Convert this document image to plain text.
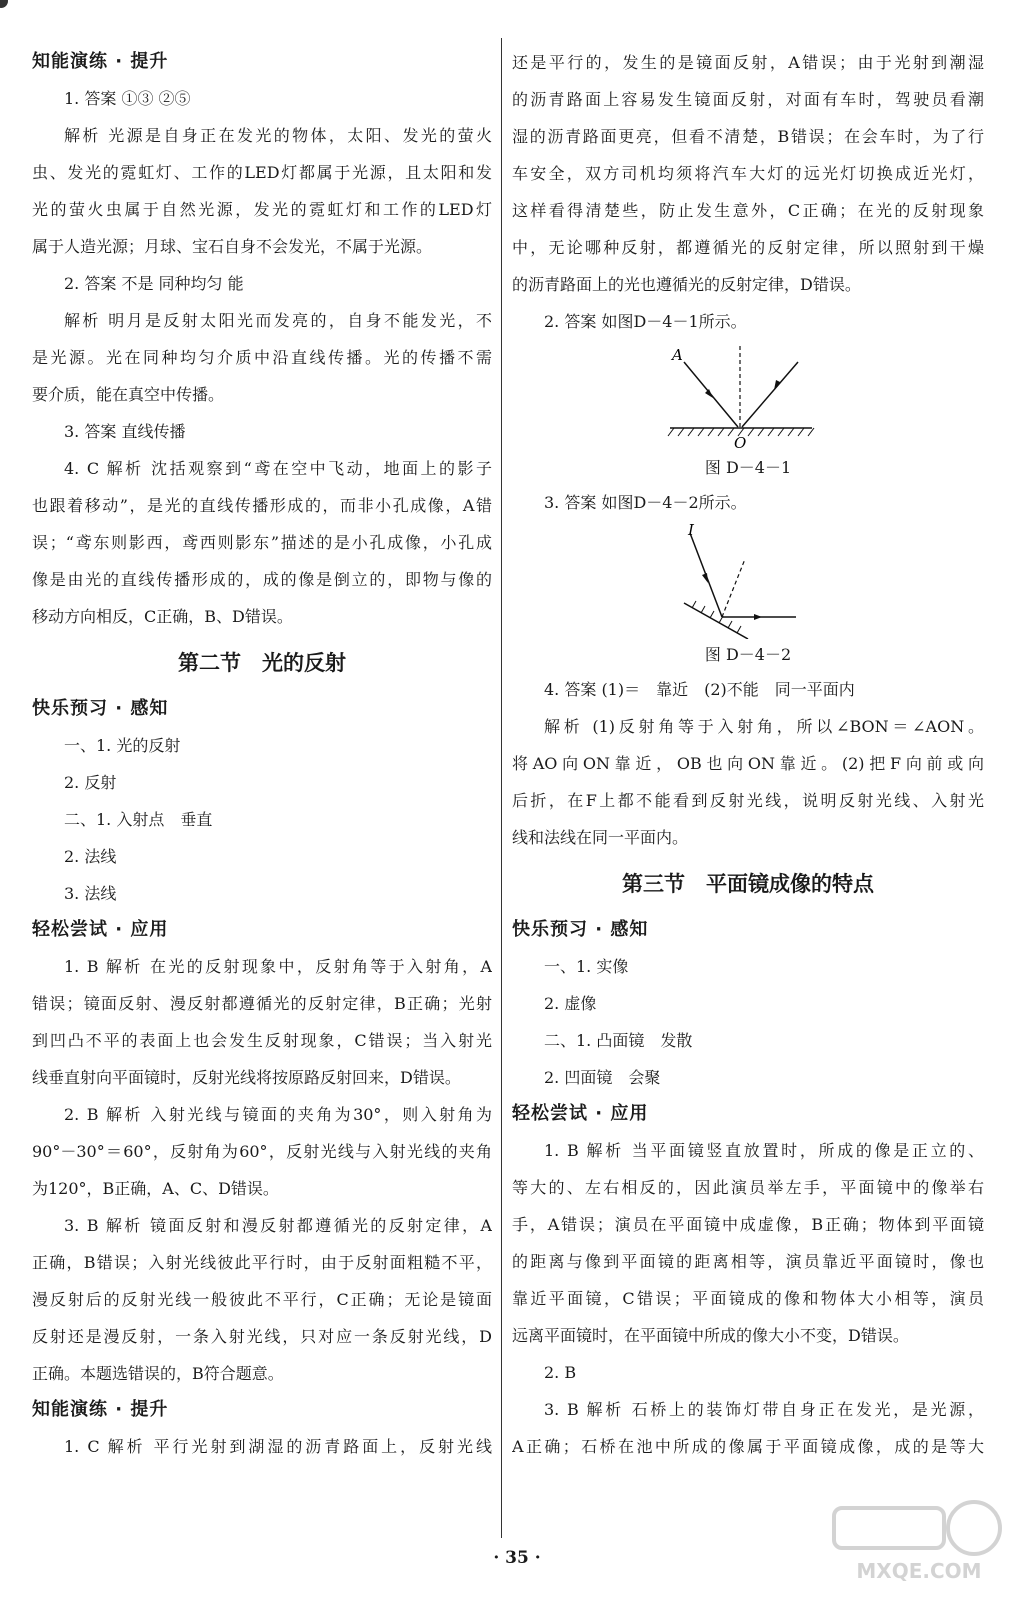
知能演练 · 提升
1. 答案 ①③ ②⑤
解析 光源是自身正在发光的物体，太阳、发光的萤火
虫、发光的霓虹灯、工作的LED灯都属于光源，且太阳和发
光的萤火虫属于自然光源，发光的霓虹灯和工作的LED灯
属于人造光源；月球、宝石自身不会发光，不属于光源。
2. 答案 不是 同种均匀 能
解析 明月是反射太阳光而发亮的，自身不能发光，不
是光源。光在同种均匀介质中沿直线传播。光的传播不需
要介质，能在真空中传播。
3. 答案 直线传播
4. C 解析 沈括观察到“鸢在空中飞动，地面上的影子
也跟着移动”，是光的直线传播形成的，而非小孔成像，A错
误；“鸢东则影西，鸢西则影东”描述的是小孔成像，小孔成
像是由光的直线传播形成的，成的像是倒立的，即物与像的
移动方向相反，C正确，B、D错误。
第二节　光的反射
快乐预习 · 感知
一、1. 光的反射
2. 反射
二、1. 入射点　垂直
2. 法线
3. 法线
轻松尝试 · 应用
1. B 解析 在光的反射现象中，反射角等于入射角，A
错误；镜面反射、漫反射都遵循光的反射定律，B正确；光射
到凹凸不平的表面上也会发生反射现象，C错误；当入射光
线垂直射向平面镜时，反射光线将按原路反射回来，D错误。
2. B 解析 入射光线与镜面的夹角为30°，则入射角为
90°－30°＝60°，反射角为60°，反射光线与入射光线的夹角
为120°，B正确，A、C、D错误。
3. B 解析 镜面反射和漫反射都遵循光的反射定律，A
正确，B错误；入射光线彼此平行时，由于反射面粗糙不平，
漫反射后的反射光线一般彼此不平行，C正确；无论是镜面
反射还是漫反射，一条入射光线，只对应一条反射光线，D
正确。本题选错误的，B符合题意。
知能演练 · 提升
1. C 解析 平行光射到湖湿的沥青路面上，反射光线
还是平行的，发生的是镜面反射，A错误；由于光射到潮湿
的沥青路面上容易发生镜面反射，对面有车时，驾驶员看潮
湿的沥青路面更亮，但看不清楚，B错误；在会车时，为了行
车安全，双方司机均须将汽车大灯的远光灯切换成近光灯，
这样看得清楚些，防止发生意外，C正确；在光的反射现象
中，无论哪种反射，都遵循光的反射定律，所以照射到干燥
的沥青路面上的光也遵循光的反射定律，D错误。
2. 答案 如图D－4－1所示。
A
O
图 D－4－1
3. 答案 如图D－4－2所示。
I
图 D－4－2
4. 答案 (1)＝　靠近　(2)不能　同一平面内
解析 (1)反射角等于入射角，所以∠BON＝∠AON。
将AO向ON靠近，OB也向ON靠近。(2)把F向前或向
后折，在F上都不能看到反射光线，说明反射光线、入射光
线和法线在同一平面内。
第三节　平面镜成像的特点
快乐预习 · 感知
一、1. 实像
2. 虚像
二、1. 凸面镜　发散
2. 凹面镜　会聚
轻松尝试 · 应用
1. B 解析 当平面镜竖直放置时，所成的像是正立的、
等大的、左右相反的，因此演员举左手，平面镜中的像举右
手，A错误；演员在平面镜中成虚像，B正确；物体到平面镜
的距离与像到平面镜的距离相等，演员靠近平面镜时，像也
靠近平面镜，C错误；平面镜成的像和物体大小相等，演员
远离平面镜时，在平面镜中所成的像大小不变，D错误。
2. B
3. B 解析 石桥上的装饰灯带自身正在发光，是光源，
A正确；石桥在池中所成的像属于平面镜成像，成的是等大
· 35 ·
MXQE.COM
